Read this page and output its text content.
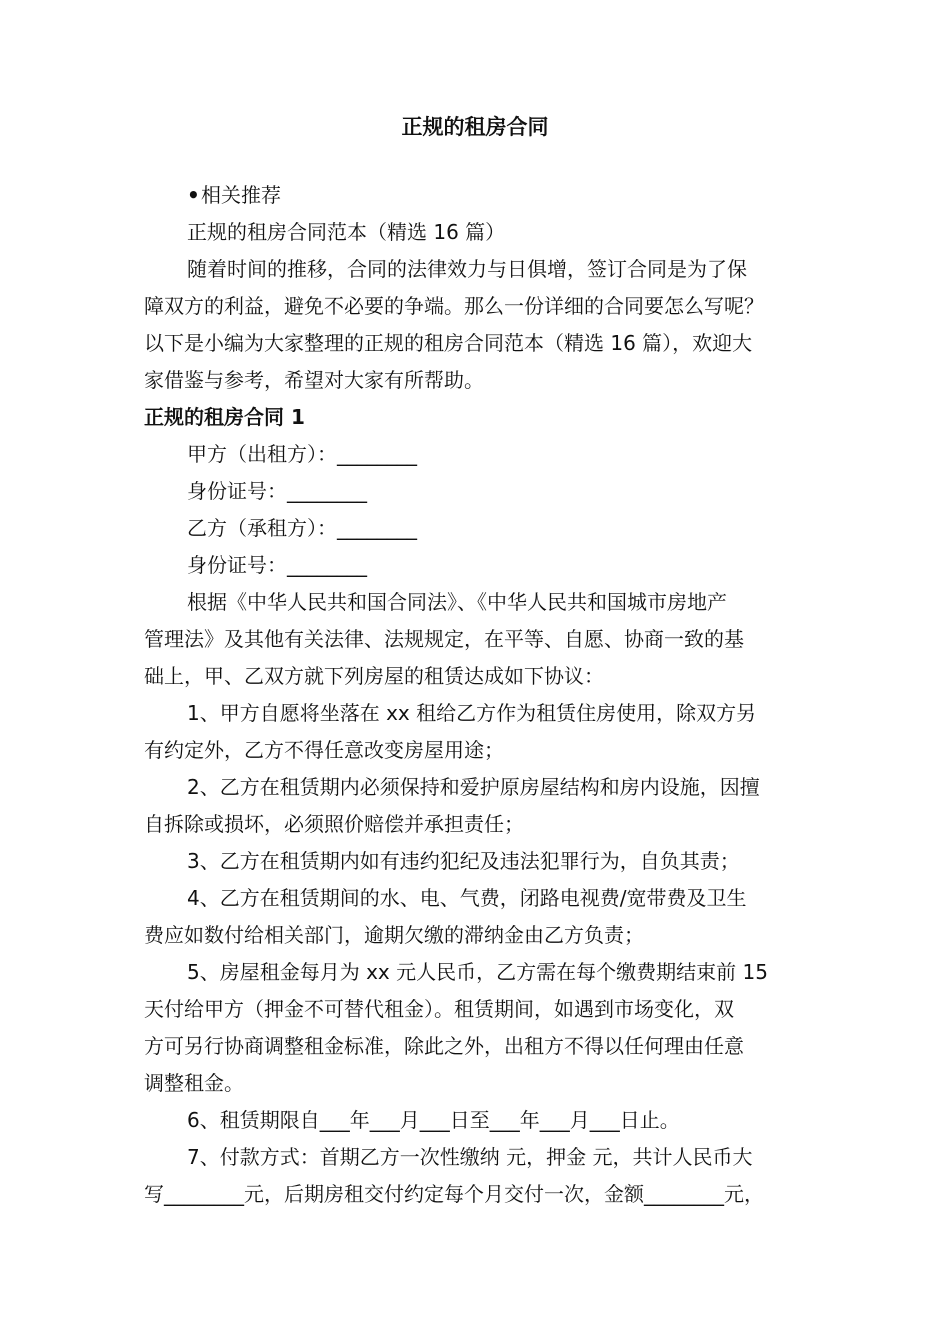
正规的租房合同

•相关推荐

正规的租房合同范本（精选 16 篇）

随着时间的推移，合同的法律效力与日俱增，签订合同是为了保

障双方的利益，避免不必要的争端。那么一份详细的合同要怎么写呢？

以下是小编为大家整理的正规的租房合同范本（精选 16 篇），欢迎大

家借鉴与参考，希望对大家有所帮助。

正规的租房合同 1

甲方（出租方）：________

身份证号：________

乙方（承租方）：________

身份证号：________

根据《中华人民共和国合同法》、《中华人民共和国城市房地产

管理法》及其他有关法律、法规规定，在平等、自愿、协商一致的基

础上，甲、乙双方就下列房屋的租赁达成如下协议：

1、甲方自愿将坐落在 xx 租给乙方作为租赁住房使用，除双方另

有约定外，乙方不得任意改变房屋用途；

2、乙方在租赁期内必须保持和爱护原房屋结构和房内设施，因擅

自拆除或损坏，必须照价赔偿并承担责任；

3、乙方在租赁期内如有违约犯纪及违法犯罪行为，自负其责；

4、乙方在租赁期间的水、电、气费，闭路电视费/宽带费及卫生

费应如数付给相关部门，逾期欠缴的滞纳金由乙方负责；

5、房屋租金每月为 xx 元人民币，乙方需在每个缴费期结束前 15

天付给甲方（押金不可替代租金）。租赁期间，如遇到市场变化，双

方可另行协商调整租金标准，除此之外，出租方不得以任何理由任意

调整租金。

6、租赁期限自___年___月___日至___年___月___日止。

7、付款方式：首期乙方一次性缴纳 元，押金 元，共计人民币大

写________元，后期房租交付约定每个月交付一次，金额________元，
